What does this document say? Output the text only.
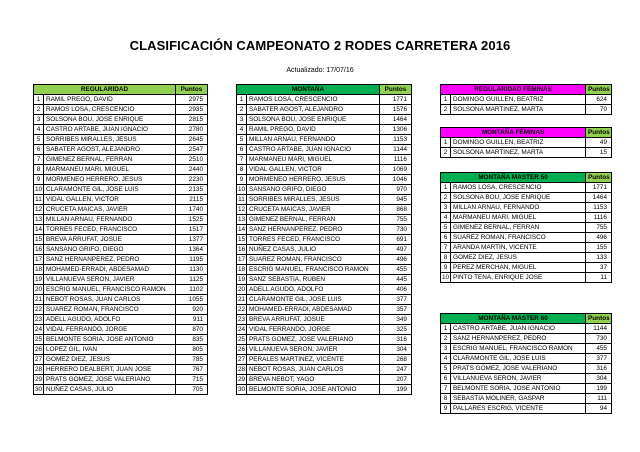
CLASIFICACIÓN CAMPEONATO 2 RODES CARRETERA 2016
Actualizado: 17/07/16
REGULARIDAD		Puntos
1	RAMIL PREGO, DAVID	2975
2	RAMOS LOSA, CRESCENCIO	2935
3	SOLSONA BOU, JOSE ENRIQUE	2815
4	CASTRO ARTABE, JUAN IGNACIO	2780
5	SORRIBES MIRALLES, JESUS	2645
6	SABATER AGOST, ALEJANDRO	2547
7	GIMENEZ BERNAL, FERRAN	2510
8	MARMANEU MARI, MIGUEL	2440
9	MORMENEO HERRERO, JESUS	2230
10	CLARAMONTE GIL, JOSE LUIS	2135
11	VIDAL GALLEN, VICTOR	2115
12	CRUCETA MAICAS, JAVIER	1740
13	MILLAN ARNAU, FERNANDO	1525
14	TORRES FECED, FRANCISCO	1517
15	BREVA ARRUFAT, JOSUE	1377
16	SANSANO GRIFO, DIEGO	1364
17	SANZ HERNANPEREZ, PEDRO	1195
18	MOHAMED-ERRADI, ABDESAMAD	1130
19	VILLANUEVA SERON, JAVIER	1125
20	ESCRIG MANUEL, FRANCISCO RAMON	1102
21	NEBOT ROSAS, JUAN CARLOS	1055
22	SUAREZ ROMAN, FRANCISCO	920
23	ADELL AGUDO, ADOLFO	911
24	VIDAL FERRANDO, JORGE	870
25	BELMONTE SORIA, JOSE ANTONIO	835
26	LOPEZ GIL, IVAN	805
27	GOMEZ DIEZ, JESUS	785
28	HERRERO DEALBERT, JUAN JOSE	767
29	PRATS GOMEZ, JOSE VALERIANO	715
30	NUÑEZ CASAS, JULIO	705
MONTAÑA		Puntos
1	RAMOS LOSA, CRESCENCIO	1771
2	SABATER AGOST, ALEJANDRO	1576
3	SOLSONA BOU, JOSE ENRIQUE	1464
4	RAMIL PREGO, DAVID	1306
5	MILLAN ARNAU, FERNANDO	1153
6	CASTRO ARTABE, JUAN IGNACIO	1144
7	MARMANEU MARI, MIGUEL	1116
8	VIDAL GALLEN, VICTOR	1069
9	MORMENEO HERRERO, JESUS	1046
10	SANSANO GRIFO, DIEGO	970
11	SORRIBES MIRALLES, JESUS	945
12	CRUCETA MAICAS, JAVIER	868
13	GIMENEZ BERNAL, FERRAN	755
14	SANZ HERNANPEREZ, PEDRO	730
15	TORRES FECED, FRANCISCO	691
16	NUÑEZ CASAS, JULIO	497
17	SUAREZ ROMAN, FRANCISCO	496
18	ESCRIG MANUEL, FRANCISCO RAMON	455
19	SANZ SEBASTIA, RUBEN	445
20	ADELL AGUDO, ADOLFO	406
21	CLARAMONTE GIL, JOSE LUIS	377
22	MOHAMED-ERRADI, ABDESAMAD	357
23	BREVA ARRUFAT, JOSUE	349
24	VIDAL FERRANDO, JORGE	325
25	PRATS GOMEZ, JOSE VALERIANO	316
26	VILLANUEVA SERON, JAVIER	304
27	PERALES MARTINEZ, VICENTE	268
28	NEBOT ROSAS, JUAN CARLOS	247
29	BREVA NEBOT, YAGO	207
30	BELMONTE SORIA, JOSE ANTONIO	199
REGULARIDAD FÉMINAS		Puntos
1	DOMINGO GUILLEN, BEATRIZ	624
2	SOLSONA MARTINEZ, MARTA	70
MONTAÑA FÉMINAS		Puntos
1	DOMINGO GUILLEN, BEATRIZ	49
2	SOLSONA MARTINEZ, MARTA	15
MONTAÑA MASTER 50		Puntos
1	RAMOS LOSA, CRESCENCIO	1771
2	SOLSONA BOU, JOSE ENRIQUE	1464
3	MILLAN ARNAU, FERNANDO	1153
4	MARMANEU MARI, MIGUEL	1116
5	GIMENEZ BERNAL, FERRAN	755
6	SUAREZ ROMAN, FRANCISCO	496
7	ARANDA MARTIN, VICENTE	155
8	GOMEZ DIEZ, JESUS	133
9	PEREZ MERCHAN, MIGUEL	37
10	PINTO TENA, ENRIQUE JOSE	11
MONTAÑA MASTER 60		Puntos
1	CASTRO ARTABE, JUAN IGNACIO	1144
2	SANZ HERNANPEREZ, PEDRO	730
3	ESCRIG MANUEL, FRANCISCO RAMON	455
4	CLARAMONTE GIL, JOSE LUIS	377
5	PRATS GOMEZ, JOSE VALERIANO	316
6	VILLANUEVA SERON, JAVIER	304
7	BELMONTE SORIA, JOSE ANTONIO	199
8	SEBASTIA MOLINER, GASPAR	111
9	PALLARES ESCRIG, VICENTE	94
